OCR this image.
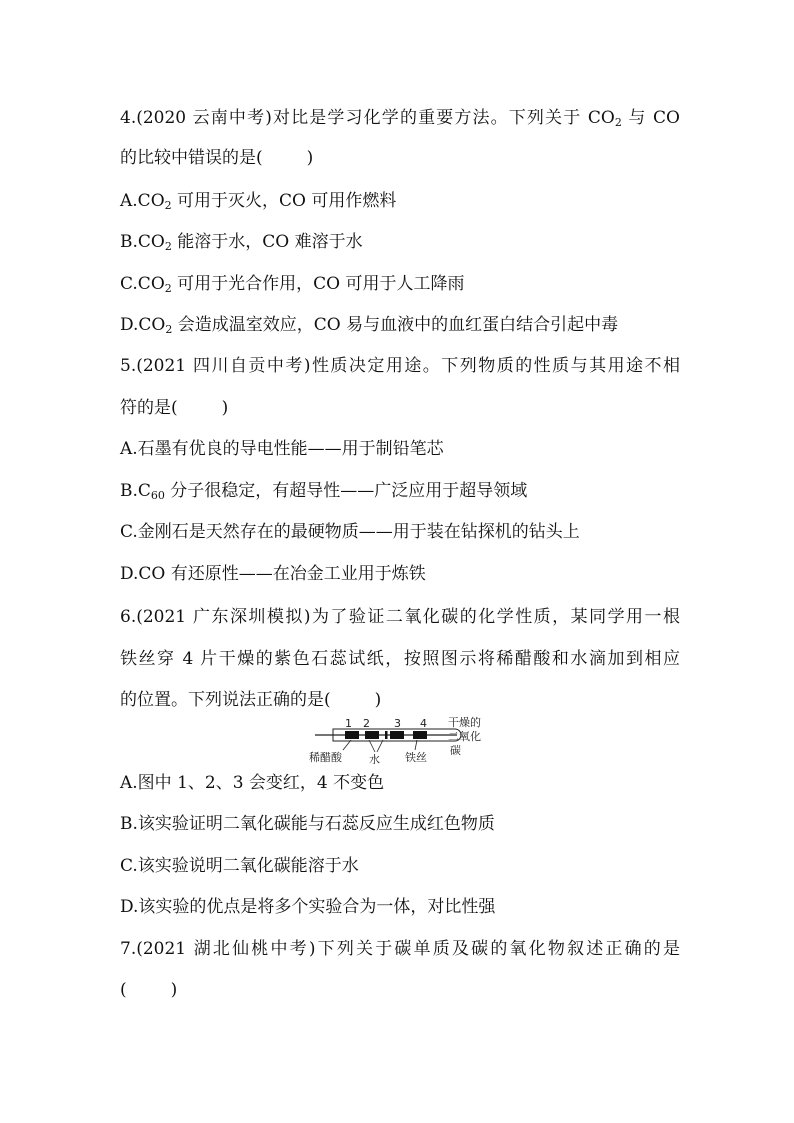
4.(2020 云南中考)对比是学习化学的重要方法。下列关于 $CO_2$ 与 CO
的比较中错误的是(	)
$A.CO_2$ 可用于灭火，CO 可用作燃料
$B.CO_2$ 能溶于水，CO 难溶于水
$C.CO_2$ 可用于光合作用，CO 可用于人工降雨
$D.CO_2$ 会造成温室效应，CO 易与血液中的血红蛋白结合引起中毒
5.(2021 四川自贡中考)性质决定用途。下列物质的性质与其用途不相
符的是(	)
A.石墨有优良的导电性能——用于制铅笔芯
$B.C_{60}$ 分子很稳定，有超导性——广泛应用于超导领域
C.金刚石是天然存在的最硬物质——用于装在钻探机的钻头上
D.CO 有还原性——在冶金工业用于炼铁
6.(2021 广东深圳模拟)为了验证二氧化碳的化学性质，某同学用一根
铁丝穿 4 片干燥的紫色石蕊试纸，按照图示将稀醋酸和水滴加到相应
的位置。下列说法正确的是(	)
1 2 3 4
稀醋酸 水 铁丝
干燥的
二氧化
碳
A.图中 1、2、3 会变红，4 不变色
B.该实验证明二氧化碳能与石蕊反应生成红色物质
C.该实验说明二氧化碳能溶于水
D.该实验的优点是将多个实验合为一体，对比性强
7.(2021 湖北仙桃中考)下列关于碳单质及碳的氧化物叙述正确的是
(	)
